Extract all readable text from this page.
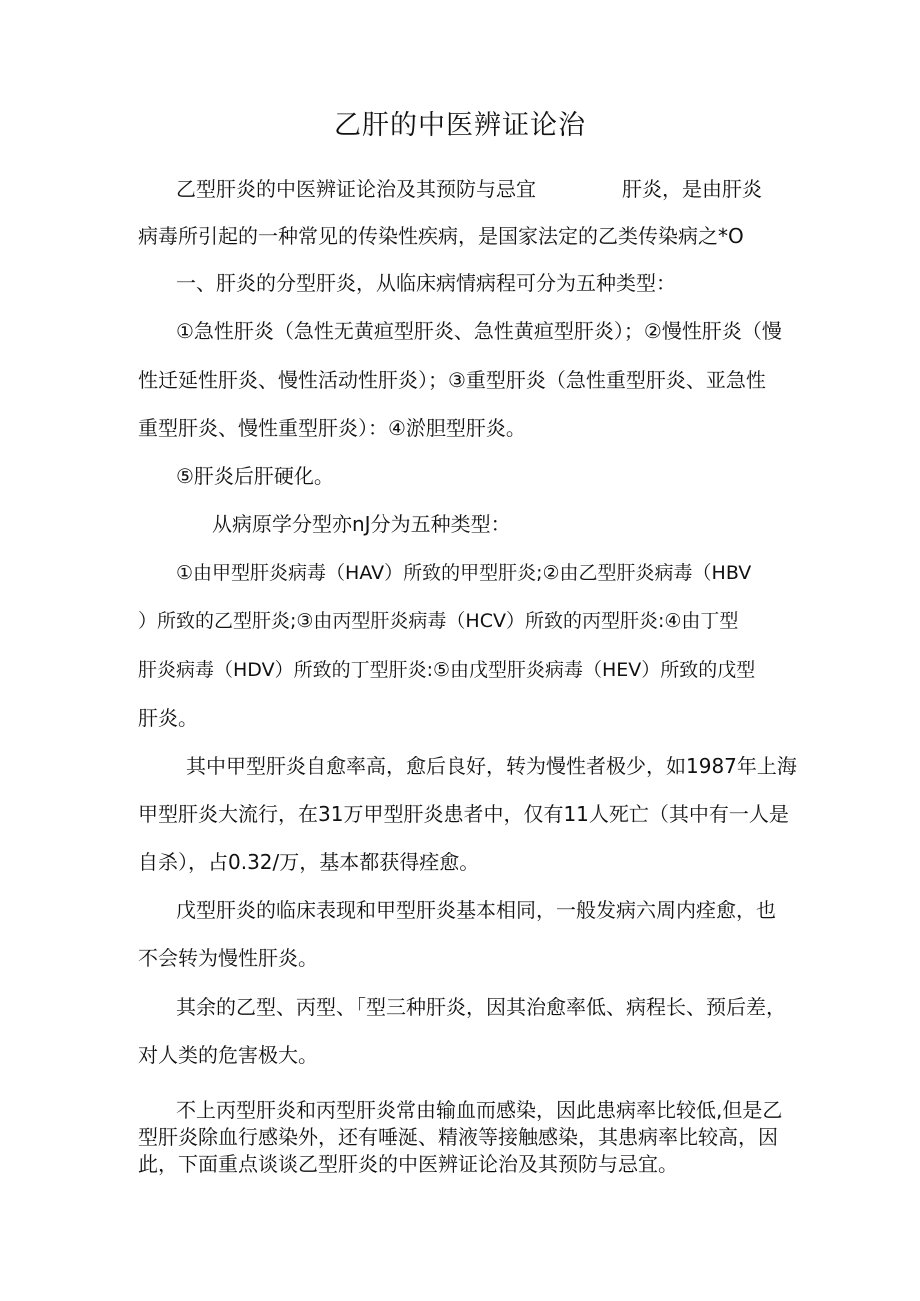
乙肝的中医辨证论治
乙型肝炎的中医辨证论治及其预防与忌宜	肝炎，是由肝炎
病毒所引起的一种常见的传染性疾病，是国家法定的乙类传染病之*O
一、肝炎的分型肝炎，从临床病情病程可分为五种类型：
①急性肝炎（急性无黄疸型肝炎、急性黄疸型肝炎）；②慢性肝炎（慢
性迁延性肝炎、慢性活动性肝炎）；③重型肝炎（急性重型肝炎、亚急性
重型肝炎、慢性重型肝炎）：④淤胆型肝炎。
⑤肝炎后肝硬化。
从病原学分型亦nJ分为五种类型：
①由甲型肝炎病毒（HAV）所致的甲型肝炎;②由乙型肝炎病毒（HBV
）所致的乙型肝炎;③由丙型肝炎病毒（HCV）所致的丙型肝炎:④由丁型
肝炎病毒（HDV）所致的丁型肝炎:⑤由戊型肝炎病毒（HEV）所致的戊型
肝炎。
其中甲型肝炎自愈率高，愈后良好，转为慢性者极少，如1987年上海
甲型肝炎大流行，在31万甲型肝炎患者中，仅有11人死亡（其中有一人是
自杀），占0.32/万，基本都获得痊愈。
戊型肝炎的临床表现和甲型肝炎基本相同，一般发病六周内痊愈，也
不会转为慢性肝炎。
其余的乙型、丙型、「型三种肝炎，因其治愈率低、病程长、预后差，
对人类的危害极大。
不上丙型肝炎和丙型肝炎常由输血而感染，因此患病率比较低,但是乙
型肝炎除血行感染外，还有唾涎、精液等接触感染，其患病率比较高，因
此，下面重点谈谈乙型肝炎的中医辨证论治及其预防与忌宜。
